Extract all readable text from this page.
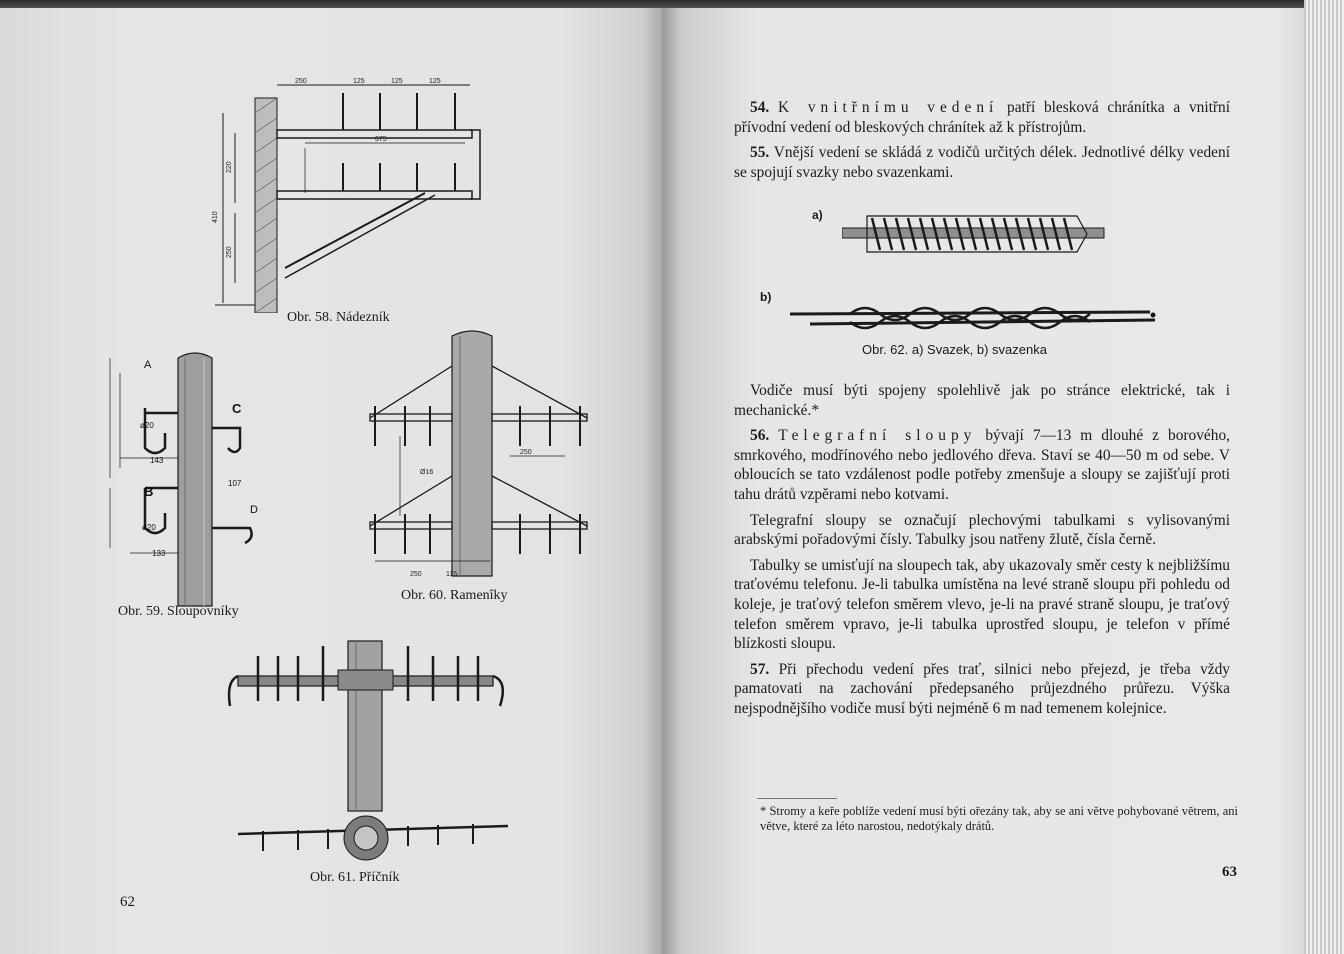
250	125	125	125
675
410
220
250
Obr. 58. Nádezník
A
C
B
D
143
133
107
ø20
ø20
Obr. 59. Sloupovníky
250	115
250
Ø16
Obr. 60. Ramenîky
Obr. 61. Příčník
62

54. K vnitřnímu vedení patří blesková chránítka a vnitřní přívodní vedení od bleskových chránítek až k přístrojům.

55. Vnější vedení se skládá z vodičů určitých délek. Jednotlivé délky vedení se spojují svazky nebo svazenkami.

a)
b)
Obr. 62. a) Svazek, b) svazenka

Vodiče musí býti spojeny spolehlivě jak po stránce elektrické, tak i mechanické.*

56. Telegrafní sloupy bývají 7—13 m dlouhé z borového, smrkového, modřínového nebo jedlového dřeva. Staví se 40—50 m od sebe. V obloucích se tato vzdálenost podle potřeby zmenšuje a sloupy se zajišťují proti tahu drátů vzpěrami nebo kotvami.

Telegrafní sloupy se označují plechovými tabulkami s vylisovanými arabskými pořadovými čísly. Tabulky jsou natřeny žlutě, čísla černě.

Tabulky se umisťují na sloupech tak, aby ukazovaly směr cesty k nejbližšímu traťovému telefonu. Je-li tabulka umístěna na levé straně sloupu při pohledu od koleje, je traťový telefon směrem vlevo, je-li na pravé straně sloupu, je traťový telefon směrem vpravo, je-li tabulka uprostřed sloupu, je telefon v přímé blízkosti sloupu.

57. Při přechodu vedení přes trať, silnici nebo přejezd, je třeba vždy pamatovati na zachování předepsaného průjezdného průřezu. Výška nejspodnějšího vodiče musí býti nejméně 6 m nad temenem kolejnice.

* Stromy a keře poblíže vedení musí býti ořezány tak, aby se ani větve pohybované větrem, ani větve, které za léto narostou, nedotýkaly drátů.
63
